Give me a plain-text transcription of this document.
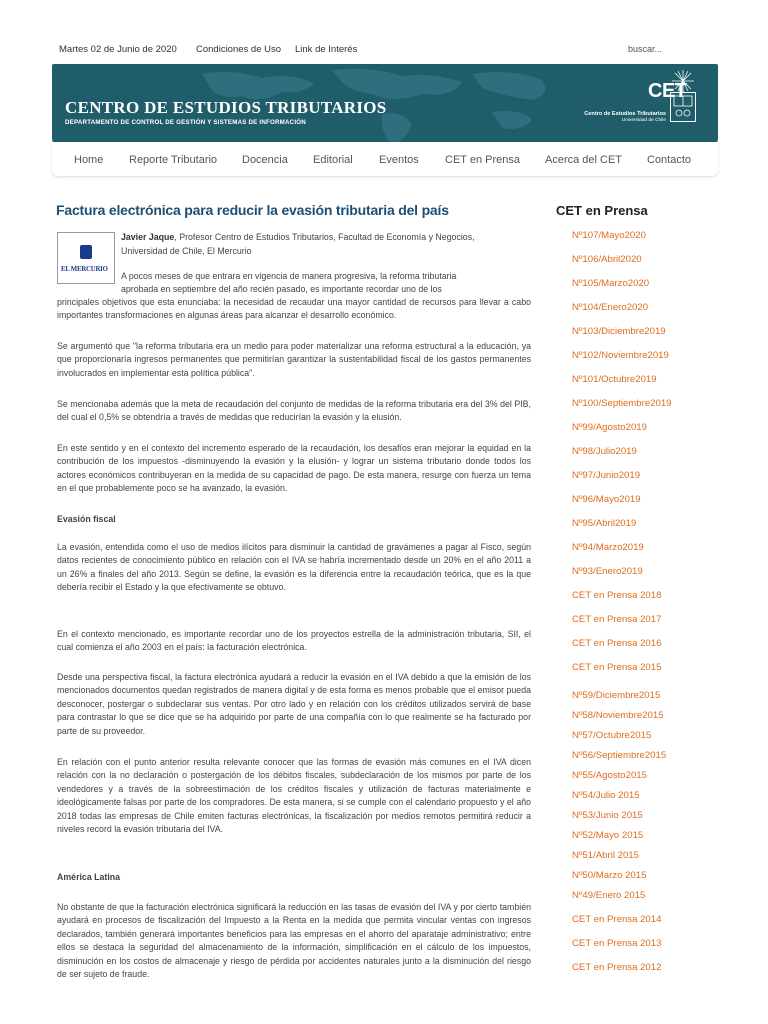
Martes 02 de Junio de 2020 Condiciones de Uso Link de Interés
buscar...
CENTRO DE ESTUDIOS TRIBUTARIOS
DEPARTAMENTO DE CONTROL DE GESTIÓN Y SISTEMAS DE INFORMACIÓN
CET
Centro de Estudios Tributarios
Universidad de Chile
Home Reporte Tributario Docencia Editorial Eventos CET en Prensa Acerca del CET Contacto
Factura electrónica para reducir la evasión tributaria del país
EL MERCURIO
Javier Jaque, Profesor Centro de Estudios Tributarios, Facultad de Economía y Negocios,
Universidad de Chile, El Mercurio
A pocos meses de que entrara en vigencia de manera progresiva, la reforma tributaria
aprobada en septiembre del año recién pasado, es importante recordar uno de los
principales objetivos que esta enunciaba: la necesidad de recaudar una mayor cantidad de recursos para llevar a cabo importantes transformaciones en algunas áreas para alcanzar el desarrollo económico.
Se argumentó que "la reforma tributaria era un medio para poder materializar una reforma estructural a la educación, ya que proporcionaría ingresos permanentes que permitirían garantizar la sustentabilidad fiscal de los gastos permanentes involucrados en implementar esta política pública".
Se mencionaba además que la meta de recaudación del conjunto de medidas de la reforma tributaria era del 3% del PIB, del cual el 0,5% se obtendría a través de medidas que reducirían la evasión y la elusión.
En este sentido y en el contexto del incremento esperado de la recaudación, los desafíos eran mejorar la equidad en la contribución de los impuestos -disminuyendo la evasión y la elusión- y lograr un sistema tributario donde todos los actores económicos contribuyeran en la medida de su capacidad de pago. De esta manera, resurge con fuerza un tema en el que probablemente poco se ha avanzado, la evasión.
Evasión fiscal
La evasión, entendida como el uso de medios ilícitos para disminuir la cantidad de gravámenes a pagar al Fisco, según datos recientes de conocimiento público en relación con el IVA se habría incrementado desde un 20% en el año 2011 a un 26% a finales del año 2013. Según se define, la evasión es la diferencia entre la recaudación teórica, que es la que debería recibir el Estado y la que efectivamente se obtuvo.
En el contexto mencionado, es importante recordar uno de los proyectos estrella de la administración tributaria, SII, el cual comienza el año 2003 en el país: la facturación electrónica.
Desde una perspectiva fiscal, la factura electrónica ayudará a reducir la evasión en el IVA debido a que la emisión de los mencionados documentos quedan registrados de manera digital y de esta forma es menos probable que el emisor pueda desconocer, postergar o subdeclarar sus ventas. Por otro lado y en relación con los créditos utilizados servirá de base para contrastar lo que se dice que se ha adquirido por parte de una compañía con lo que realmente se ha facturado por parte de su proveedor.
En relación con el punto anterior resulta relevante conocer que las formas de evasión más comunes en el IVA dicen relación con la no declaración o postergación de los débitos fiscales, subdeclaración de los mismos por parte de los vendedores y a través de la sobreestimación de los créditos fiscales y utilización de facturas materialmente e ideológicamente falsas por parte de los compradores. De esta manera, si se cumple con el calendario propuesto y el año 2018 todas las empresas de Chile emiten facturas electrónicas, la fiscalización por medios remotos permitirá reducir a niveles record la evasión tributaria del IVA.
América Latina
No obstante de que la facturación electrónica significará la reducción en las tasas de evasión del IVA y por cierto también ayudará en procesos de fiscalización del Impuesto a la Renta en la medida que permita vincular ventas con ingresos declarados, también generará importantes beneficios para las empresas en el ahorro del aparataje administrativo; entre ellos se destaca la seguridad del almacenamiento de la información, simplificación en el cálculo de los impuestos, disminución en los costos de almacenaje y riesgo de pérdida por accidentes naturales junto a la disminución del riesgo de ser sujeto de fraude.
CET en Prensa
Nº107/Mayo2020
Nº106/Abril2020
Nº105/Marzo2020
Nº104/Enero2020
Nº103/Diciembre2019
Nº102/Noviembre2019
Nº101/Octubre2019
Nº100/Septiembre2019
Nº99/Agosto2019
Nº98/Julio2019
Nº97/Junio2019
Nº96/Mayo2019
Nº95/Abril2019
Nº94/Marzo2019
Nº93/Enero2019
CET en Prensa 2018
CET en Prensa 2017
CET en Prensa 2016
CET en Prensa 2015
Nº59/Diciembre2015
Nº58/Noviembre2015
Nº57/Octubre2015
Nº56/Septiembre2015
Nº55/Agosto2015
Nº54/Julio 2015
Nº53/Junio 2015
Nº52/Mayo 2015
Nº51/Abril 2015
Nº50/Marzo 2015
Nº49/Enero 2015
CET en Prensa 2014
CET en Prensa 2013
CET en Prensa 2012
